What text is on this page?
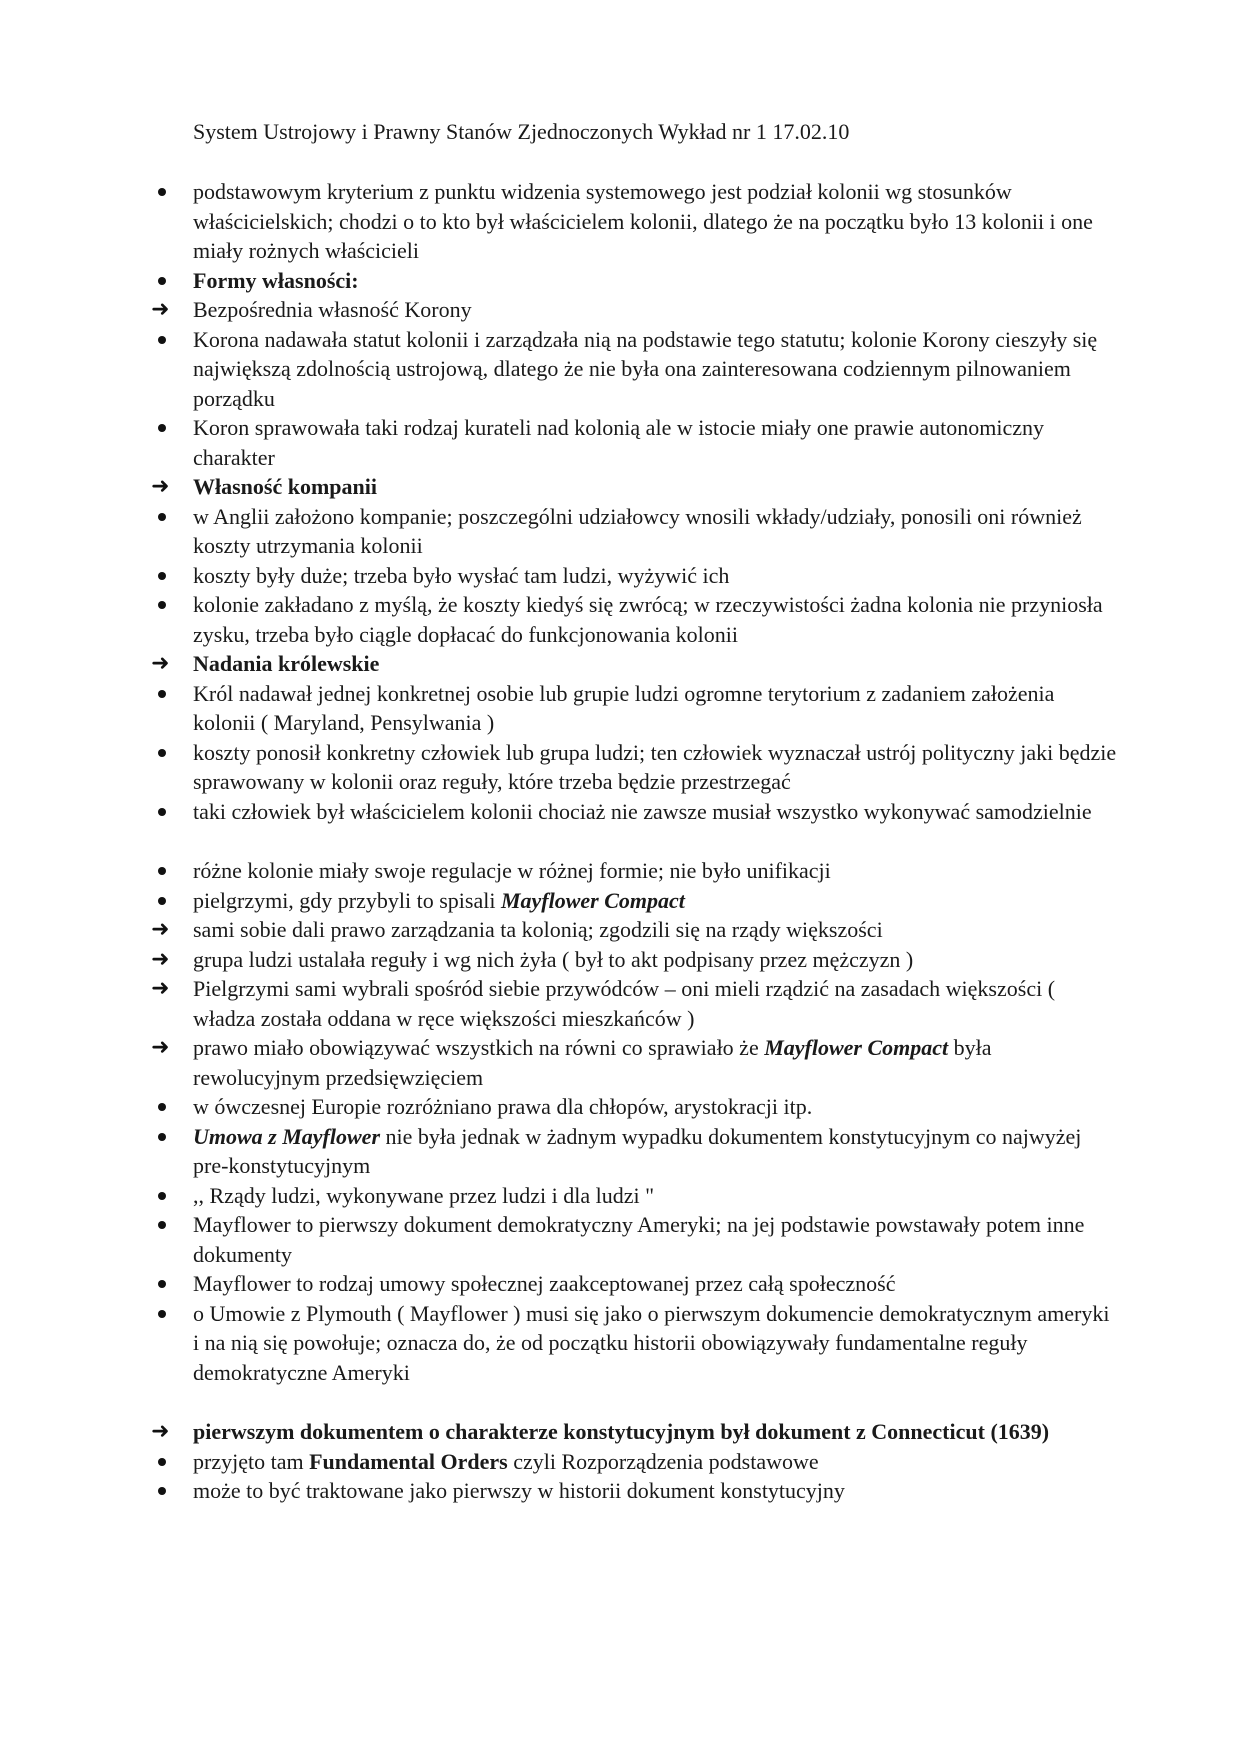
System Ustrojowy i Prawny Stanów Zjednoczonych Wykład nr 1 17.02.10
podstawowym kryterium z punktu widzenia systemowego jest podział kolonii wg stosunków właścicielskich; chodzi o to kto był właścicielem kolonii, dlatego że na początku było 13 kolonii i one miały rożnych właścicieli
Formy własności:
➜
Bezpośrednia własność Korony
Korona nadawała statut kolonii i zarządzała nią na podstawie tego statutu; kolonie Korony cieszyły się największą zdolnością ustrojową, dlatego że nie była ona zainteresowana codziennym pilnowaniem porządku
Koron sprawowała taki rodzaj kurateli nad kolonią ale w istocie miały one prawie autonomiczny charakter
➜
Własność kompanii
w Anglii założono kompanie; poszczególni udziałowcy wnosili wkłady/udziały, ponosili oni również koszty utrzymania kolonii
koszty były duże; trzeba było wysłać tam ludzi, wyżywić ich
kolonie zakładano z myślą, że koszty kiedyś się zwrócą; w rzeczywistości żadna kolonia nie przyniosła zysku, trzeba było ciągle dopłacać do funkcjonowania kolonii
➜
Nadania królewskie
Król nadawał jednej konkretnej osobie lub grupie ludzi ogromne terytorium z zadaniem założenia kolonii ( Maryland, Pensylwania )
koszty ponosił konkretny człowiek lub grupa ludzi; ten człowiek wyznaczał ustrój polityczny jaki będzie sprawowany w kolonii oraz reguły, które trzeba będzie przestrzegać
taki człowiek był właścicielem kolonii chociaż nie zawsze musiał wszystko wykonywać samodzielnie
różne kolonie miały swoje regulacje w różnej formie; nie było unifikacji
pielgrzymi, gdy przybyli to spisali Mayflower Compact
➜
sami sobie dali prawo zarządzania ta kolonią; zgodzili się na rządy większości
➜
grupa ludzi ustalała reguły i wg nich żyła ( był to akt podpisany przez mężczyzn )
➜
Pielgrzymi sami wybrali spośród siebie przywódców – oni mieli rządzić na zasadach większości ( władza została oddana w ręce większości mieszkańców )
➜
prawo miało obowiązywać wszystkich na równi co sprawiało że Mayflower Compact była rewolucyjnym przedsięwzięciem
w ówczesnej Europie rozróżniano prawa dla chłopów, arystokracji itp.
Umowa z Mayflower nie była jednak w żadnym wypadku dokumentem konstytucyjnym co najwyżej pre-konstytucyjnym
,, Rządy ludzi, wykonywane przez ludzi i dla ludzi "
Mayflower to pierwszy dokument demokratyczny Ameryki; na jej podstawie powstawały potem inne dokumenty
Mayflower to rodzaj umowy społecznej zaakceptowanej przez całą społeczność
o Umowie z Plymouth ( Mayflower ) musi się jako o pierwszym dokumencie demokratycznym ameryki i na nią się powołuje; oznacza do, że od początku historii obowiązywały fundamentalne reguły demokratyczne Ameryki
➜
pierwszym dokumentem o charakterze konstytucyjnym był dokument z Connecticut (1639)
przyjęto tam Fundamental Orders czyli Rozporządzenia podstawowe
może to być traktowane jako pierwszy w historii dokument konstytucyjny
